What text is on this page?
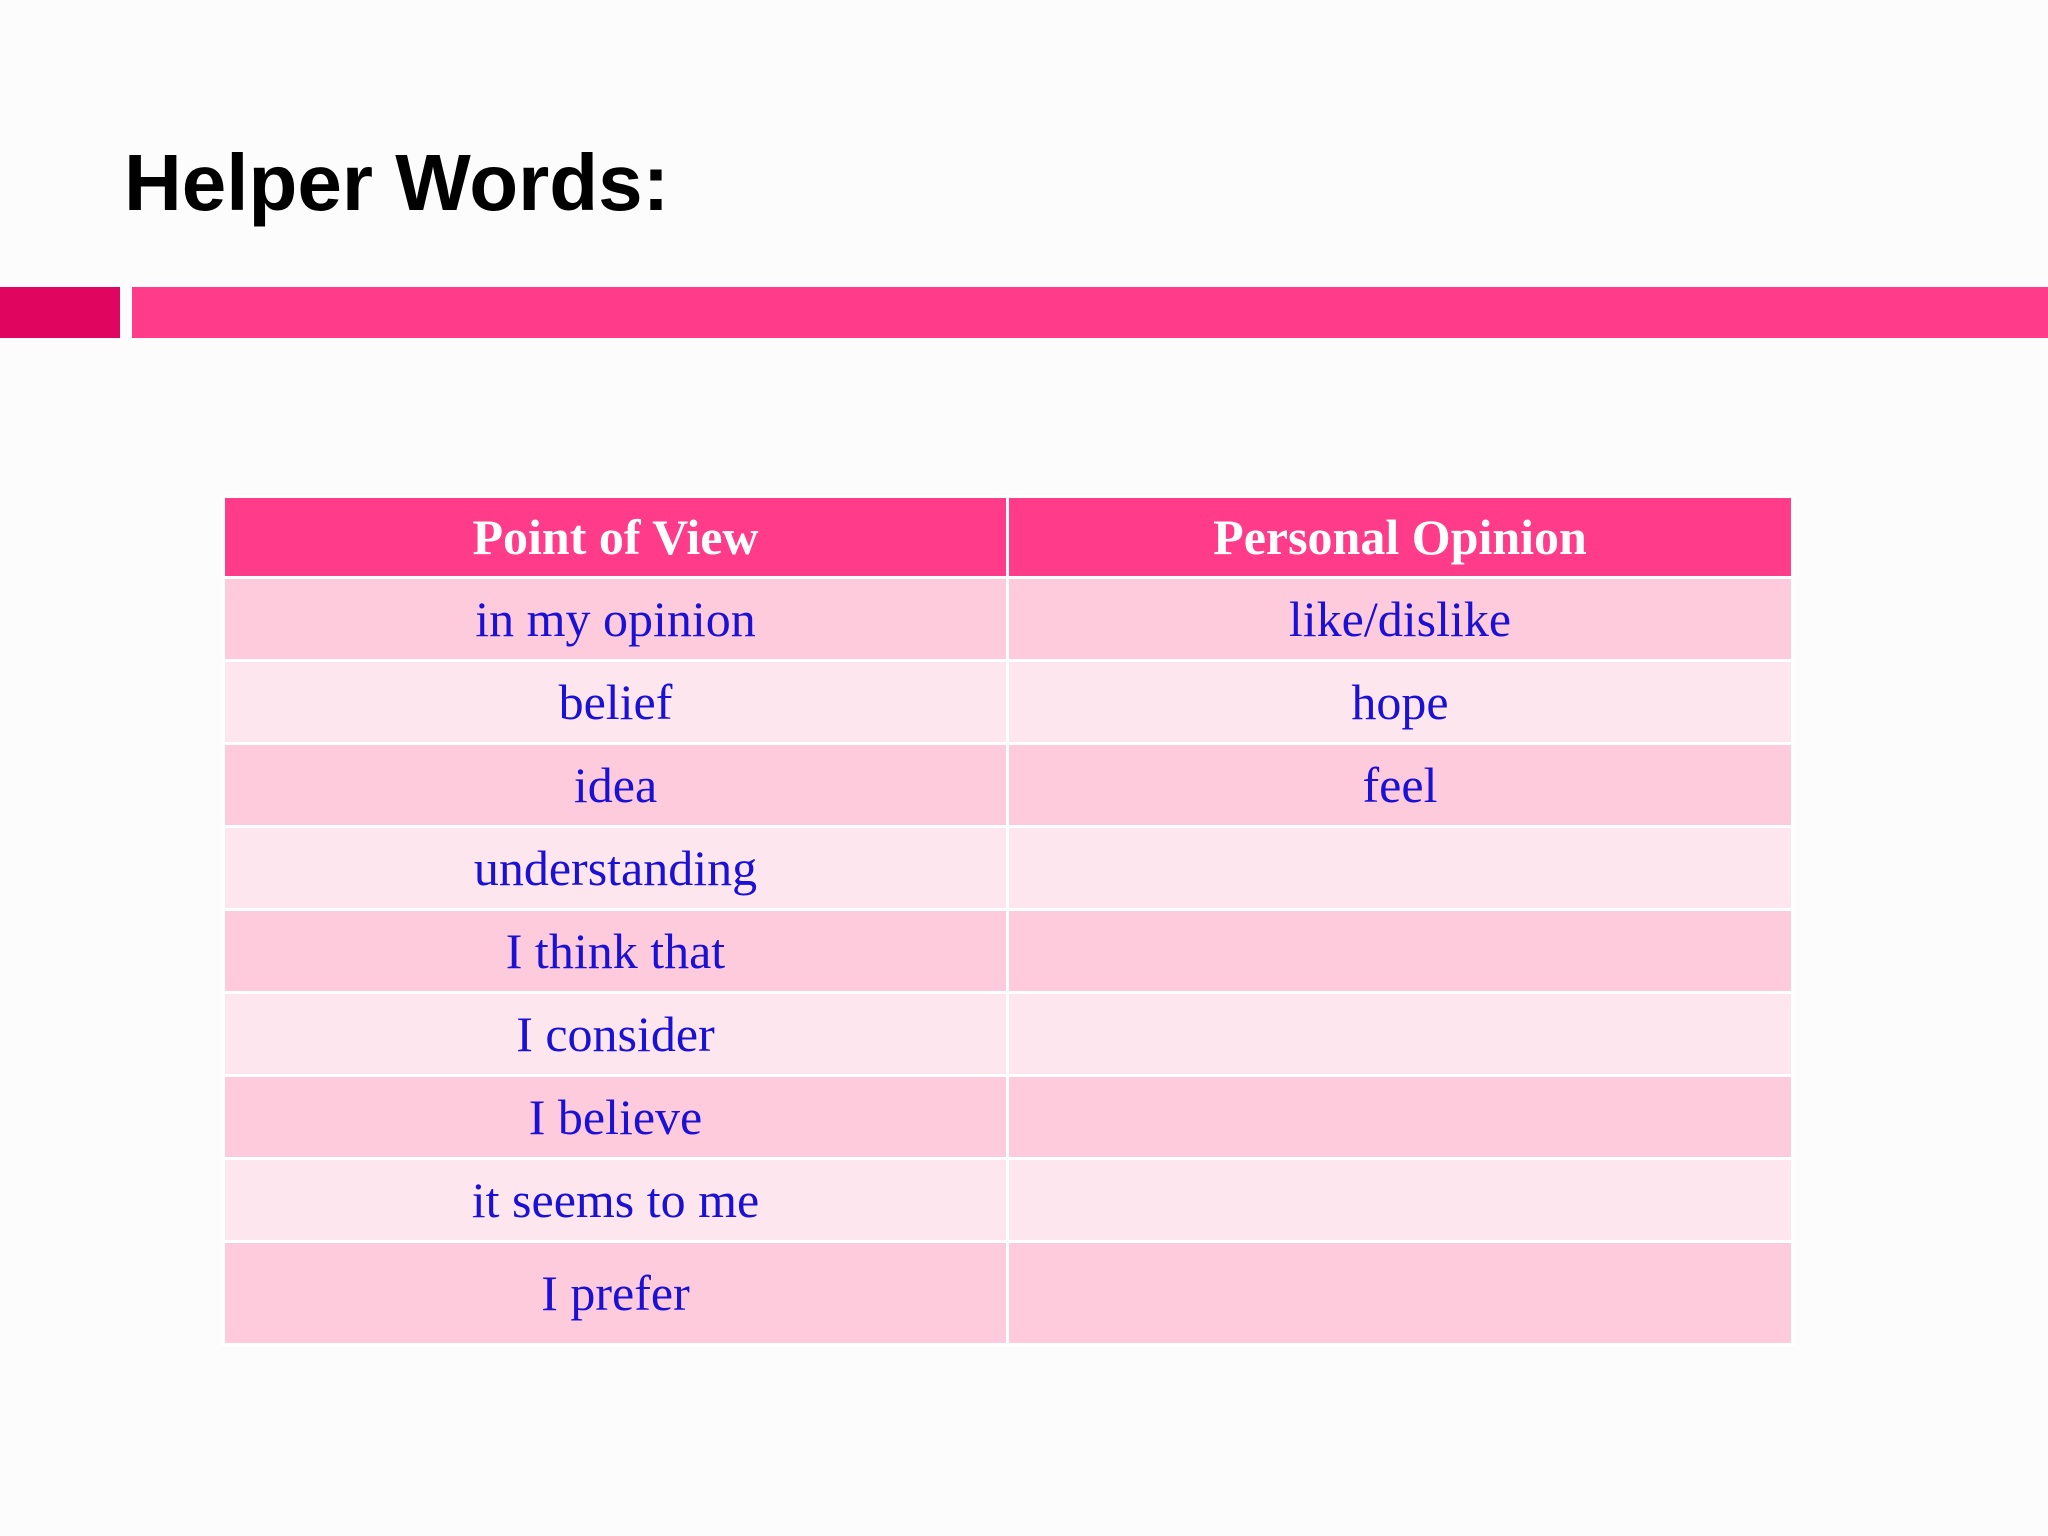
Helper Words:
Point of View	Personal Opinion
in my opinion	like/dislike
belief	hope
idea	feel
understanding	
I think that	
I consider	
I believe	
it seems to me	
I prefer	
